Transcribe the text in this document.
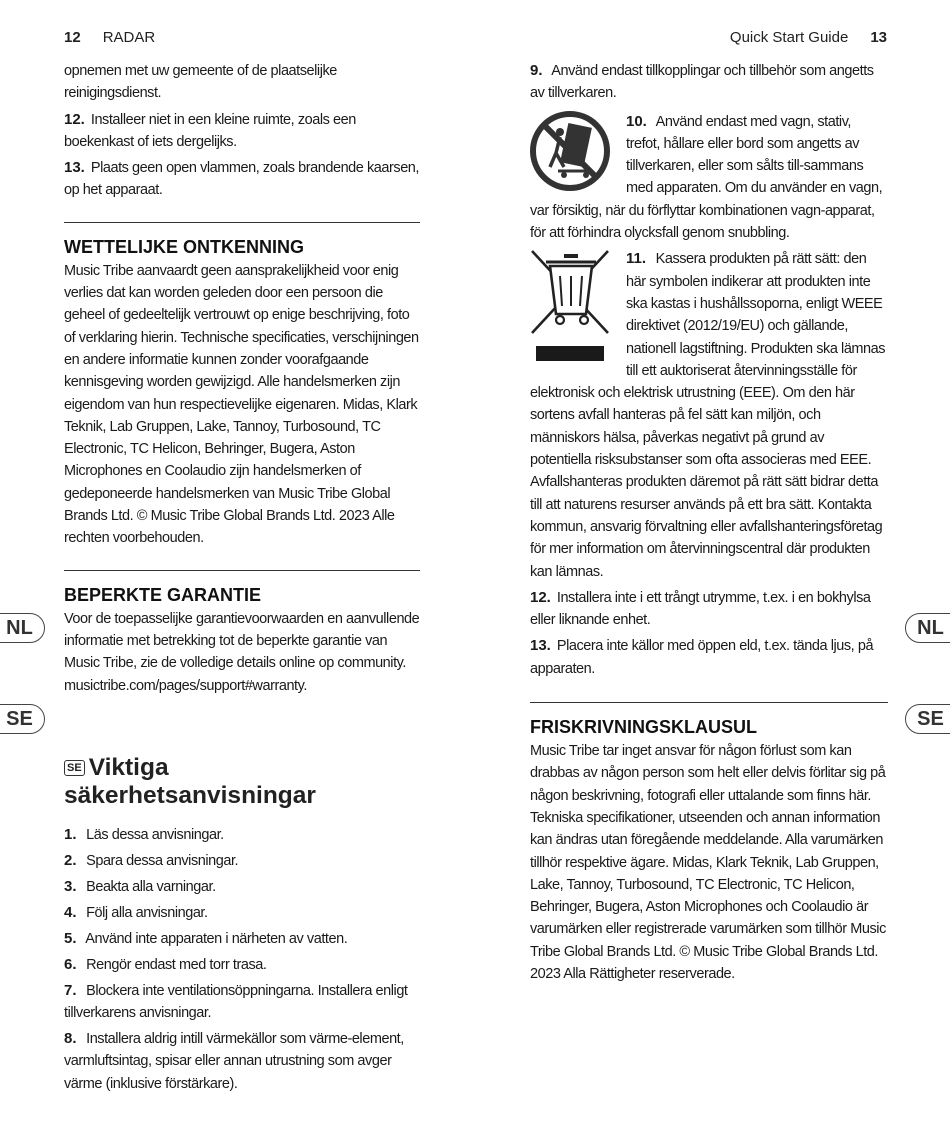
12 RADAR	Quick Start Guide 13
NL
SE
NL
SE
opnemen met uw gemeente of de plaatselijke reinigingsdienst.
12. Installeer niet in een kleine ruimte, zoals een boekenkast of iets dergelijks.
13. Plaats geen open vlammen, zoals brandende kaarsen, op het apparaat.
WETTELIJKE ONTKENNING
Music Tribe aanvaardt geen aansprakelijkheid voor enig verlies dat kan worden geleden door een persoon die geheel of gedeeltelijk vertrouwt op enige beschrijving, foto of verklaring hierin. Technische specificaties, verschijningen en andere informatie kunnen zonder voorafgaande kennisgeving worden gewijzigd. Alle handelsmerken zijn eigendom van hun respectievelijke eigenaren. Midas, Klark Teknik, Lab Gruppen, Lake, Tannoy, Turbosound, TC Electronic, TC Helicon, Behringer, Bugera, Aston Microphones en Coolaudio zijn handelsmerken of gedeponeerde handelsmerken van Music Tribe Global Brands Ltd. © Music Tribe Global Brands Ltd. 2023 Alle rechten voorbehouden.
BEPERKTE GARANTIE
Voor de toepasselijke garantievoorwaarden en aanvullende informatie met betrekking tot de beperkte garantie van Music Tribe, zie de volledige details online op community. musictribe.com/pages/support#warranty.
SE Viktiga säkerhetsanvisningar
1. Läs dessa anvisningar.
2. Spara dessa anvisningar.
3. Beakta alla varningar.
4. Följ alla anvisningar.
5. Använd inte apparaten i närheten av vatten.
6. Rengör endast med torr trasa.
7. Blockera inte ventilationsöppningarna. Installera enligt tillverkarens anvisningar.
8. Installera aldrig intill värmekällor som värme-element, varmluftsintag, spisar eller annan utrustning som avger värme (inklusive förstärkare).
9. Använd endast tillkopplingar och tillbehör som angetts av tillverkaren.
10. Använd endast med vagn, stativ, trefot, hållare eller bord som angetts av tillverkaren, eller som sålts till-sammans med apparaten. Om du använder en vagn, var försiktig, när du förflyttar kombinationen vagn-apparat, för att förhindra olycksfall genom snubbling.
11. Kassera produkten på rätt sätt: den här symbolen indikerar att produkten inte ska kastas i hushållssoporna, enligt WEEE direktivet (2012/19/EU) och gällande, nationell lagstiftning. Produkten ska lämnas till ett auktoriserat återvinningsställe för elektronisk och elektrisk utrustning (EEE). Om den här sortens avfall hanteras på fel sätt kan miljön, och människors hälsa, påverkas negativt på grund av potentiella risksubstanser som ofta associeras med EEE. Avfallshanteras produkten däremot på rätt sätt bidrar detta till att naturens resurser används på ett bra sätt. Kontakta kommun, ansvarig förvaltning eller avfallshanteringsföretag för mer information om återvinningscentral där produkten kan lämnas.
12. Installera inte i ett trångt utrymme, t.ex. i en bokhylsa eller liknande enhet.
13. Placera inte källor med öppen eld, t.ex. tända ljus, på apparaten.
FRISKRIVNINGSKLAUSUL
Music Tribe tar inget ansvar för någon förlust som kan drabbas av någon person som helt eller delvis förlitar sig på någon beskrivning, fotografi eller uttalande som finns här. Tekniska specifikationer, utseenden och annan information kan ändras utan föregående meddelande. Alla varumärken tillhör respektive ägare. Midas, Klark Teknik, Lab Gruppen, Lake, Tannoy, Turbosound, TC Electronic, TC Helicon, Behringer, Bugera, Aston Microphones och Coolaudio är varumärken eller registrerade varumärken som tillhör Music Tribe Global Brands Ltd. © Music Tribe Global Brands Ltd. 2023 Alla Rättigheter reserverade.
